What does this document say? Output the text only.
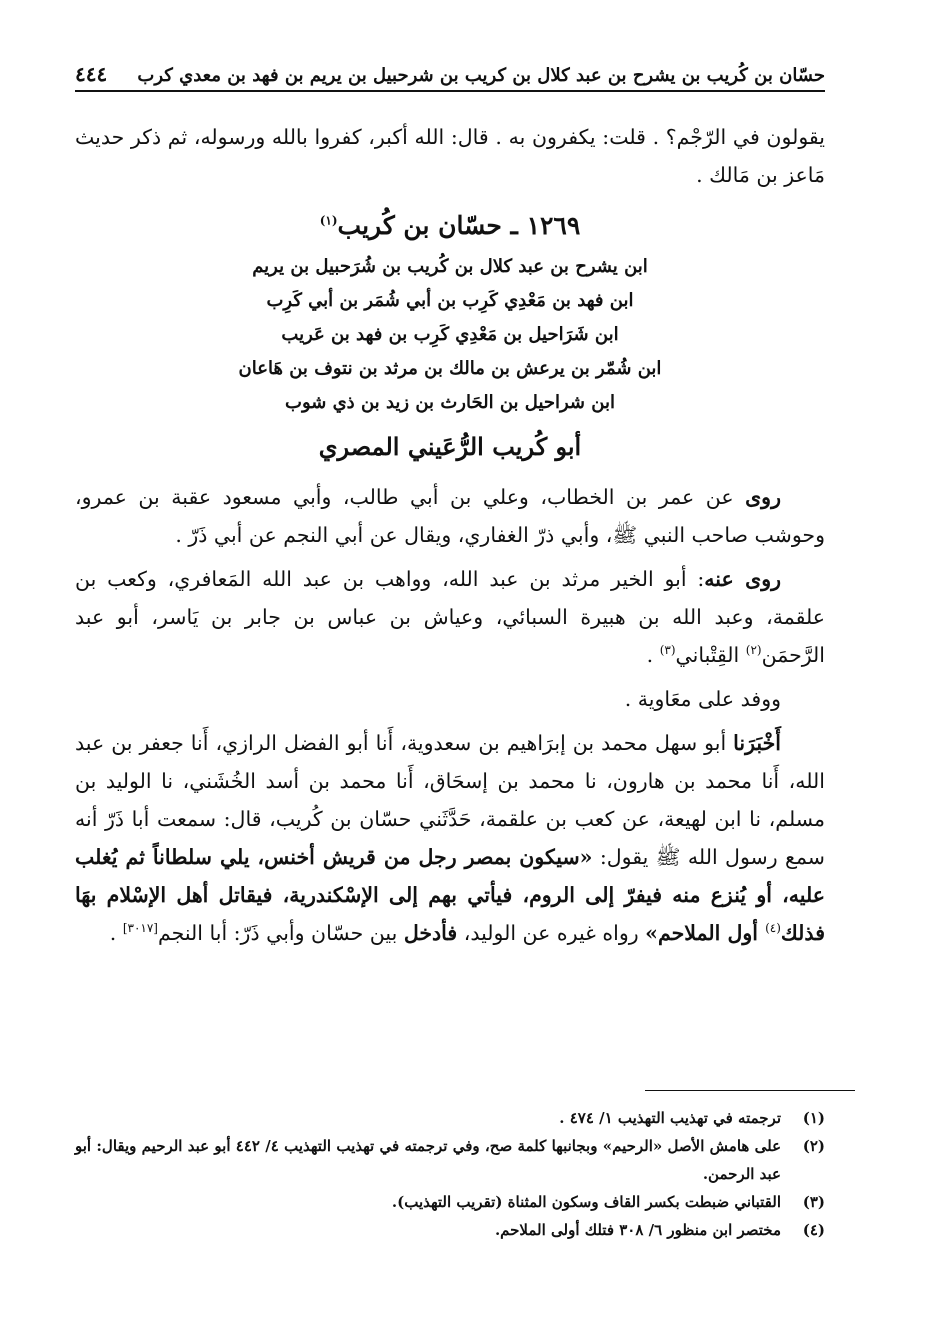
حسّان بن كُريب بن يشرح بن عبد كلال بن كريب بن شرحبيل بن يريم بن فهد بن معدي كرب
٤٤٤

يقولون في الرّجْم؟ . قلت: يكفرون به . قال: الله أكبر، كفروا بالله ورسوله، ثم ذكر حديث مَاعز بن مَالك .

١٢٦٩ ـ حسّان بن كُريب$^{(١)}$
ابن يشرح بن عبد كلال بن كُريب بن شُرَحبيل بن يريم
ابن فهد بن مَعْدِي كَرِب بن أبي شُمَر بن أبي كَرِب
ابن شَرَاحيل بن مَعْدِي كَرِب بن فهد بن عَريب
ابن شُمّر بن يرعش بن مالك بن مرثد بن نتوف بن هَاعان
ابن شراحيل بن الحَارث بن زيد بن ذي شوب
أبو كُريب الرُّعَيني المصري

روى عن عمر بن الخطاب، وعلي بن أبي طالب، وأبي مسعود عقبة بن عمرو، وحوشب صاحب النبي ﷺ، وأبي ذرّ الغفاري، ويقال عن أبي النجم عن أبي ذَرّ .

روى عنه: أبو الخير مرثد بن عبد الله، وواهب بن عبد الله المَعافري، وكعب بن علقمة، وعبد الله بن هبيرة السبائي، وعياش بن عباس بن جابر بن يَاسر، أبو عبد الرَّحمَن$^{(٢)}$ القِتْباني$^{(٣)}$ .

ووفد على معَاوية .

أَخْبَرَنا أبو سهل محمد بن إبرَاهيم بن سعدوية، أَنا أبو الفضل الرازي، أَنا جعفر بن عبد الله، أَنا محمد بن هارون، نا محمد بن إسحَاق، أَنا محمد بن أسد الخُشَني، نا الوليد بن مسلم، نا ابن لهيعة، عن كعب بن علقمة، حَدَّثَني حسّان بن كُريب، قال: سمعت أبا ذَرّ أنه سمع رسول الله ﷺ يقول: «سيكون بمصر رجل من قريش أخنس، يلي سلطاناً ثم يُغلب عليه، أو يُنزع منه فيفرّ إلى الروم، فيأتي بهم إلى الإسْكندرية، فيقاتل أهل الإسْلام بهَا فذلك$^{(٤)}$ أول الملاحم» رواه غيره عن الوليد، فأدخل بين حسّان وأبي ذَرّ: أبا النجم[٣٠١٧] .

(١)
ترجمته في تهذيب التهذيب ١/ ٤٧٤ .
(٢)
على هامش الأصل «الرحيم» وبجانبها كلمة صح، وفي ترجمته في تهذيب التهذيب ٤/ ٤٤٢ أبو عبد الرحيم ويقال: أبو عبد الرحمن.
(٣)
القتباني ضبطت بكسر القاف وسكون المثناة (تقريب التهذيب).
(٤)
مختصر ابن منظور ٦/ ٣٠٨ فتلك أولى الملاحم.
